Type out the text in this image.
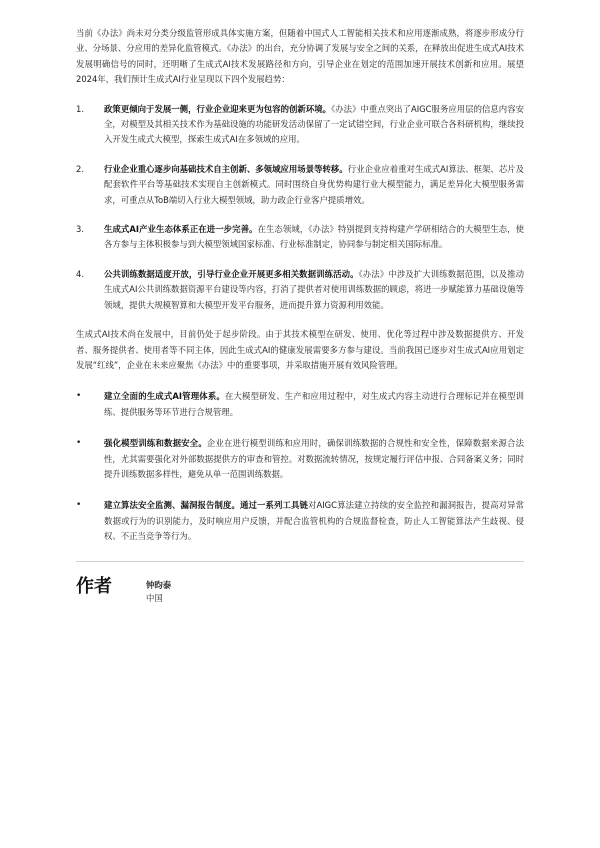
当前《办法》尚未对分类分级监管形成具体实施方案，但随着中国式人工智能相关技术和应用逐渐成熟，将逐步形成分行业、分场景、分应用的差异化监管模式。《办法》的出台，充分协调了发展与安全之间的关系，在释放出促进生成式AI技术发展明确信号的同时，还明晰了生成式AI技术发展路径和方向，引导企业在划定的范围加速开展技术创新和应用。展望2024年，我们预计生成式AI行业呈现以下四个发展趋势：

1.	政策更倾向于发展一侧，行业企业迎来更为包容的创新环境。《办法》中重点突出了AIGC服务应用层的信息内容安全，对模型及其相关技术作为基础设施的功能研发活动保留了一定试错空间，行业企业可联合各科研机构，继续投入开发生成式大模型，探索生成式AI在多领域的应用。

2.	行业企业重心逐步向基础技术自主创新、多领域应用场景等转移。行业企业应着重对生成式AI算法、框架、芯片及配套软件平台等基础技术实现自主创新模式。同时围绕自身优势构建行业大模型能力，满足差异化大模型服务需求，可重点从ToB端切入行业大模型领域，助力政企行业客户提质增效。

3.	生成式AI产业生态体系正在进一步完善。在生态领域，《办法》特别提到支持构建产学研相结合的大模型生态，使各方参与主体积极参与到大模型领域国家标准、行业标准制定，协同参与制定相关国际标准。

4.	公共训练数据适度开放，引导行业企业开展更多相关数据训练活动。《办法》中涉及扩大训练数据范围，以及推动生成式AI公共训练数据资源平台建设等内容，打消了提供者对使用训练数据的顾虑，将进一步赋能算力基础设施等领域，提供大规模智算和大模型开发平台服务，进而提升算力资源利用效能。

生成式AI技术尚在发展中，目前仍处于起步阶段。由于其技术模型在研发、使用、优化等过程中涉及数据提供方、开发者、服务提供者、使用者等不同主体，因此生成式AI的健康发展需要多方参与建设。当前我国已逐步对生成式AI应用划定发展“红线”，企业在未来应聚焦《办法》中的重要事项，并采取措施开展有效风险管理。

•	建立全面的生成式AI管理体系。在大模型研发、生产和应用过程中，对生成式内容主动进行合理标记并在模型训练、提供服务等环节进行合规管理。

•	强化模型训练和数据安全。企业在进行模型训练和应用时，确保训练数据的合规性和安全性，保障数据来源合法性，尤其需要强化对外部数据提供方的审查和管控。对数据流转情况，按规定履行评估申报、合同备案义务；同时提升训练数据多样性，避免从单一范围训练数据。

•	建立算法安全监测、漏洞报告制度。通过一系列工具链对AIGC算法建立持续的安全监控和漏洞报告，提高对异常数据或行为的识别能力，及时响应用户反馈，并配合监管机构的合规监督检查，防止人工智能算法产生歧视、侵权、不正当竞争等行为。

作者	钟昀泰
中国
